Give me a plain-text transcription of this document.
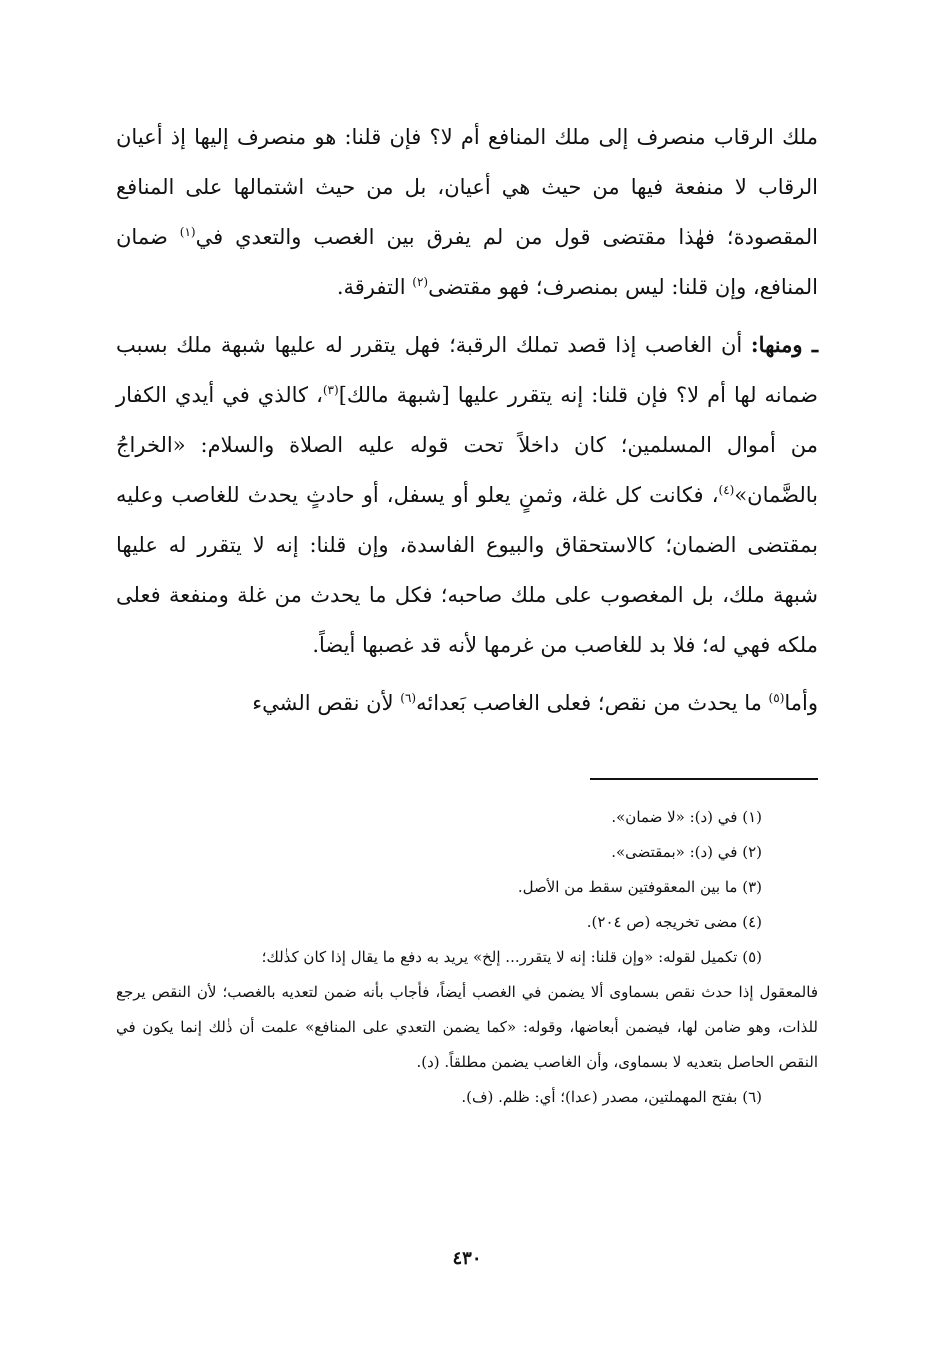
ملك الرقاب منصرف إلى ملك المنافع أم لا؟ فإن قلنا: هو منصرف إليها إذ أعيان الرقاب لا منفعة فيها من حيث هي أعيان، بل من حيث اشتمالها على المنافع المقصودة؛ فهٰذا مقتضى قول من لم يفرق بين الغصب والتعدي في$^{(١)}$ ضمان المنافع، وإن قلنا: ليس بمنصرف؛ فهو مقتضى$^{(٢)}$ التفرقة.

ـ ومنها: أن الغاصب إذا قصد تملك الرقبة؛ فهل يتقرر له عليها شبهة ملك بسبب ضمانه لها أم لا؟ فإن قلنا: إنه يتقرر عليها [شبهة مالك]$^{(٣)}$، كالذي في أيدي الكفار من أموال المسلمين؛ كان داخلاً تحت قوله عليه الصلاة والسلام: «الخراجُ بالضَّمان»$^{(٤)}$، فكانت كل غلة، وثمنٍ يعلو أو يسفل، أو حادثٍ يحدث للغاصب وعليه بمقتضى الضمان؛ كالاستحقاق والبيوع الفاسدة، وإن قلنا: إنه لا يتقرر له عليها شبهة ملك، بل المغصوب على ملك صاحبه؛ فكل ما يحدث من غلة ومنفعة فعلى ملكه فهي له؛ فلا بد للغاصب من غرمها لأنه قد غصبها أيضاً.

وأما$^{(٥)}$ ما يحدث من نقص؛ فعلى الغاصب بَعدائه$^{(٦)}$ لأن نقص الشيء

(١) في (د): «لا ضمان».

(٢) في (د): «بمقتضى».

(٣) ما بين المعقوفتين سقط من الأصل.

(٤) مضى تخريجه (ص ٢٠٤).

(٥) تكميل لقوله: «وإن قلنا: إنه لا يتقرر... إلخ» يريد به دفع ما يقال إذا كان كذٰلك؛
فالمعقول إذا حدث نقص بسماوى ألا يضمن في الغصب أيضاً، فأجاب بأنه ضمن لتعديه بالغصب؛ لأن النقص يرجع للذات، وهو ضامن لها، فيضمن أبعاضها، وقوله: «كما يضمن التعدي على المنافع» علمت أن ذٰلك إنما يكون في النقص الحاصل بتعديه لا بسماوى، وأن الغاصب يضمن مطلقاً. (د).

(٦) بفتح المهملتين، مصدر (عدا)؛ أي: ظلم. (ف).

٤٣٠
